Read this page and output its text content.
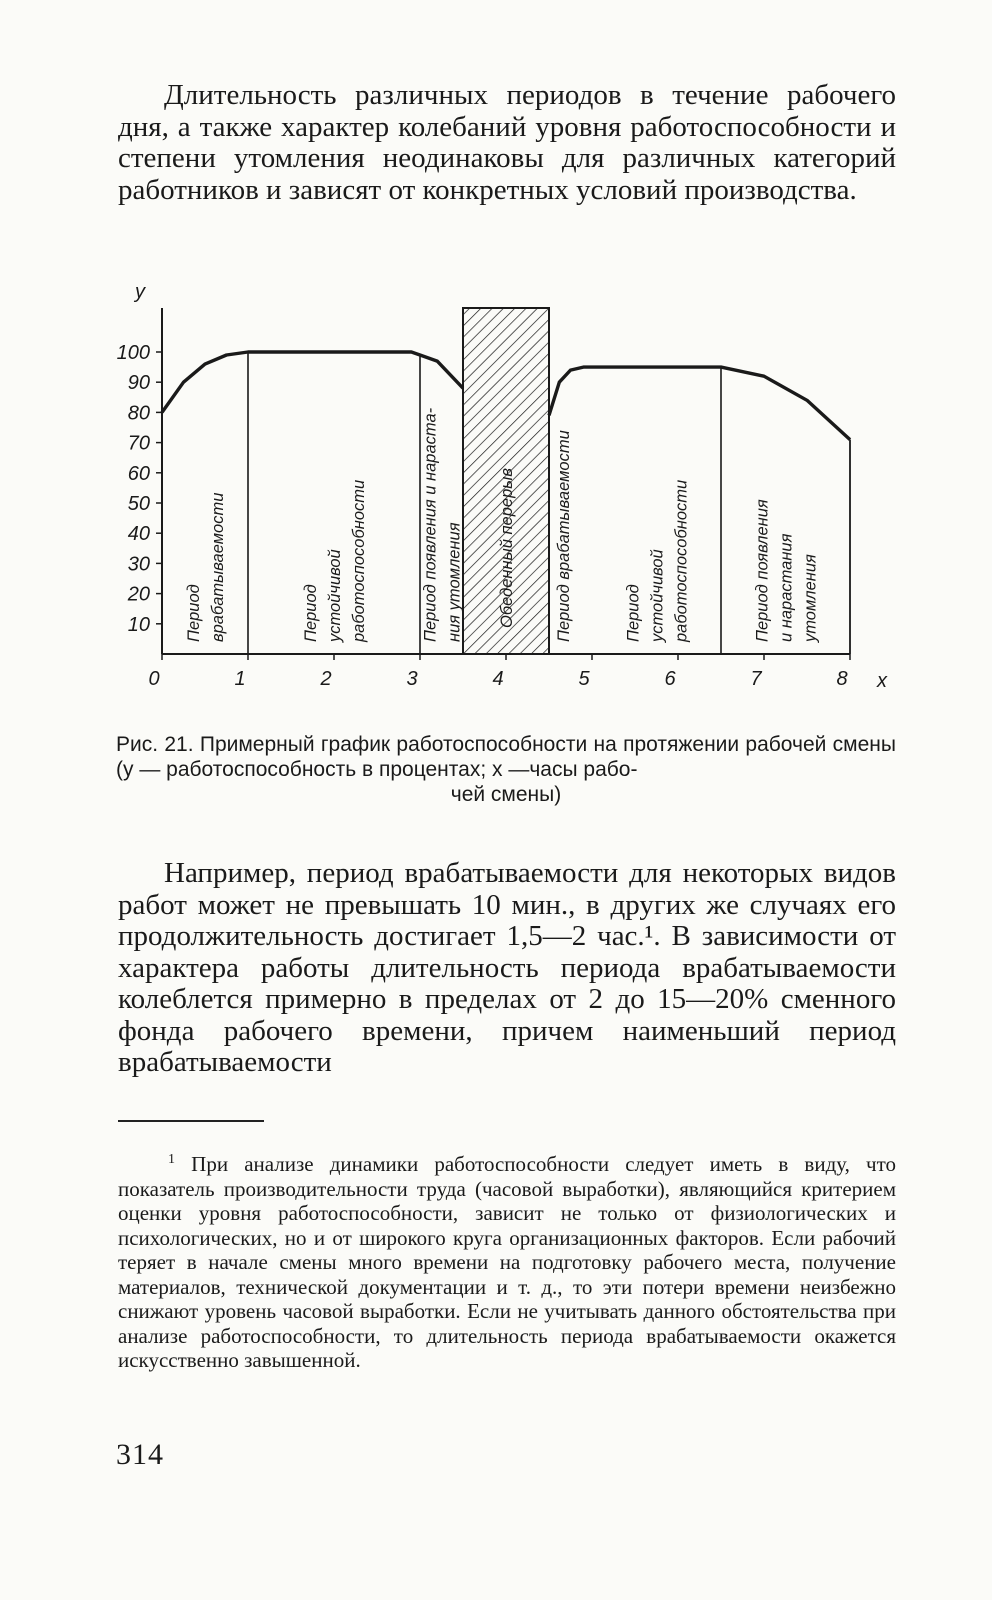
Длительность различных периодов в течение рабочего дня, а также характер колебаний уровня работоспособности и степени утомления неодинаковы для различных категорий работников и зависят от конкретных условий производства.

10
20
30
40
50
60
70
80
90
100
y
0	1	2	3	4	5	6	7	8 x
Период врабатываемости	Период устойчивой работоспособности	Период появления и нараста- ния утомления	Период врабатываемости	Период устойчивой работоспособности	Период появления и нарастания утомления
Обеденный перерыв

Рис. 21. Примерный график работоспособности на протяжении рабочей смены (y — работоспособность в процентах; x —часы рабо-
чей смены)

Например, период врабатываемости для некоторых видов работ может не превышать 10 мин., в других же случаях его продолжительность достигает 1,5—2 час.¹. В зависимости от характера работы длительность периода врабатываемости колеблется примерно в пределах от 2 до 15—20% сменного фонда рабочего времени, причем наименьший период врабатываемости

$^1$ При анализе динамики работоспособности следует иметь в виду, что показатель производительности труда (часовой выработки), являющийся критерием оценки уровня работоспособности, зависит не только от физиологических и психологических, но и от широкого круга организационных факторов. Если рабочий теряет в начале смены много времени на подготовку рабочего места, получение материалов, технической документации и т. д., то эти потери времени неизбежно снижают уровень часовой выработки. Если не учитывать данного обстоятельства при анализе работоспособности, то длительность периода врабатываемости окажется искусственно завышенной.

314
